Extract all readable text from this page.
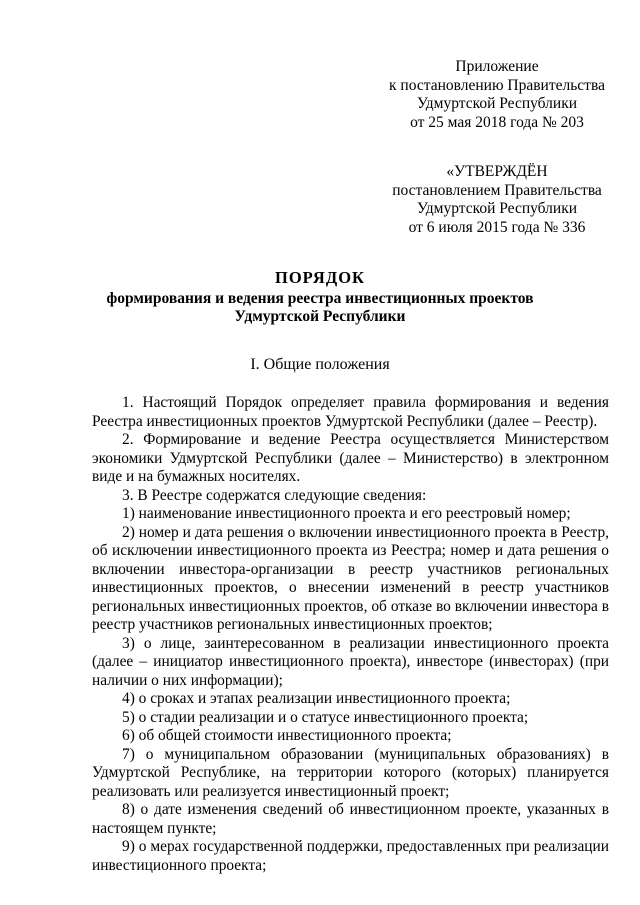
Приложение
к постановлению Правительства
Удмуртской Республики
от 25 мая 2018 года № 203
«УТВЕРЖДЁН
постановлением Правительства
Удмуртской Республики
от 6 июля 2015 года № 336
ПОРЯДОК
формирования и ведения реестра инвестиционных проектов
Удмуртской Республики
I. Общие положения

1. Настоящий Порядок определяет правила формирования и ведения Реестра инвестиционных проектов Удмуртской Республики (далее – Реестр).

2. Формирование и ведение Реестра осуществляется Министерством экономики Удмуртской Республики (далее – Министерство) в электронном виде и на бумажных носителях.

3. В Реестре содержатся следующие сведения:

1) наименование инвестиционного проекта и его реестровый номер;

2) номер и дата решения о включении инвестиционного проекта в Реестр, об исключении инвестиционного проекта из Реестра; номер и дата решения о включении инвестора-организации в реестр участников региональных инвестиционных проектов, о внесении изменений в реестр участников региональных инвестиционных проектов, об отказе во включении инвестора в реестр участников региональных инвестиционных проектов;

3) о лице, заинтересованном в реализации инвестиционного проекта (далее – инициатор инвестиционного проекта), инвесторе (инвесторах) (при наличии о них информации);

4) о сроках и этапах реализации инвестиционного проекта;

5) о стадии реализации и о статусе инвестиционного проекта;

6) об общей стоимости инвестиционного проекта;

7) о муниципальном образовании (муниципальных образованиях) в Удмуртской Республике, на территории которого (которых) планируется реализовать или реализуется инвестиционный проект;

8) о дате изменения сведений об инвестиционном проекте, указанных в настоящем пункте;

9) о мерах государственной поддержки, предоставленных при реализации инвестиционного проекта;
